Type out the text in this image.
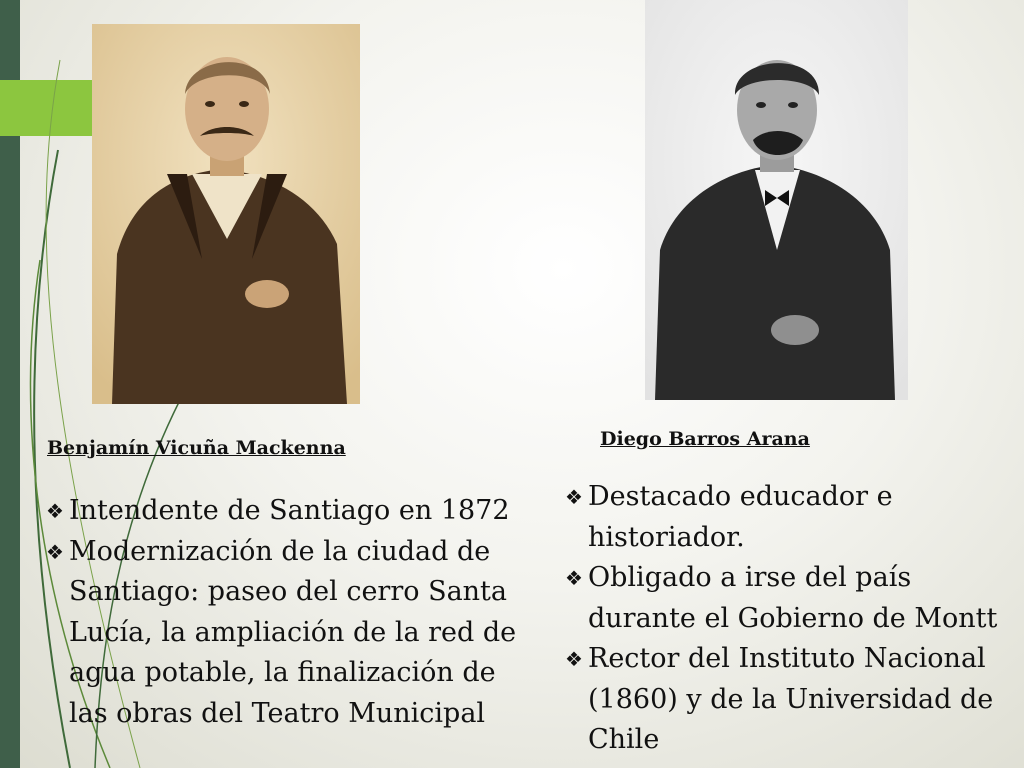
Benjamín Vicuña Mackenna	Diego Barros Arana
❖ Intendente de Santiago en 1872
❖ Modernización de la ciudad de Santiago: paseo del cerro Santa Lucía, la ampliación de la red de agua potable, la finalización de las obras del Teatro Municipal
❖ Destacado educador e historiador.
❖ Obligado a irse del país durante el Gobierno de Montt
❖ Rector del Instituto Nacional (1860) y de la Universidad de Chile
